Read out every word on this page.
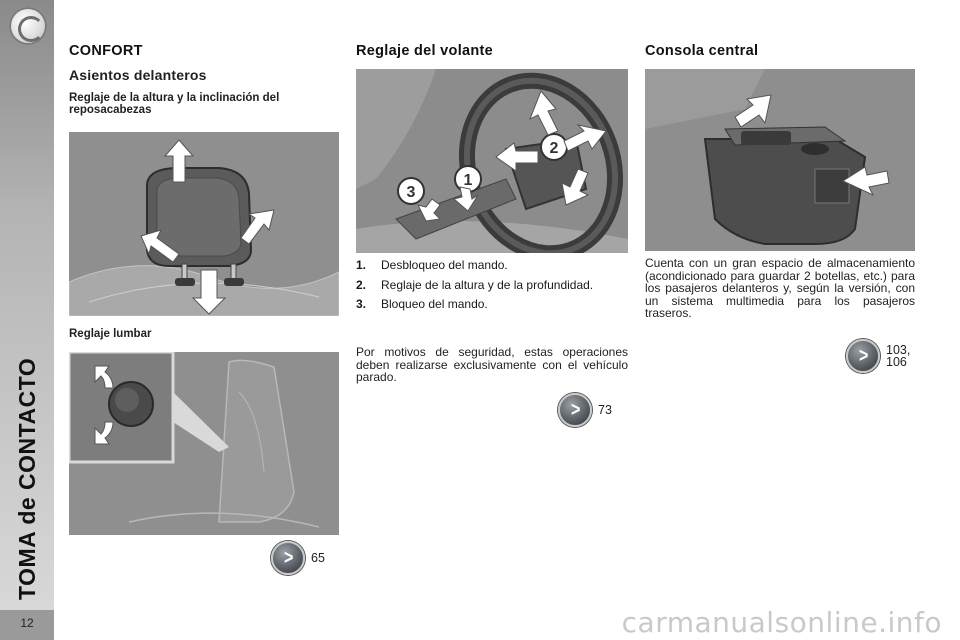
TOMA de CONTACTO
12
CONFORT
Asientos delanteros
Reglaje de la altura y la inclinación del reposacabezas
Reglaje lumbar
> 65
Reglaje del volante
1
3
2
1.	Desbloqueo del mando.
2.	Reglaje de la altura y de la profundidad.
3.	Bloqueo del mando.
Por motivos de seguridad, estas operaciones deben realizarse exclusivamente con el vehículo parado.
> 73
Consola central
Cuenta con un gran espacio de almacenamiento (acondicionado para guardar 2 botellas, etc.) para los pasajeros delanteros y, según la versión, con un sistema multimedia para los pasajeros traseros.
> 103,
106
carmanualsonline.info
